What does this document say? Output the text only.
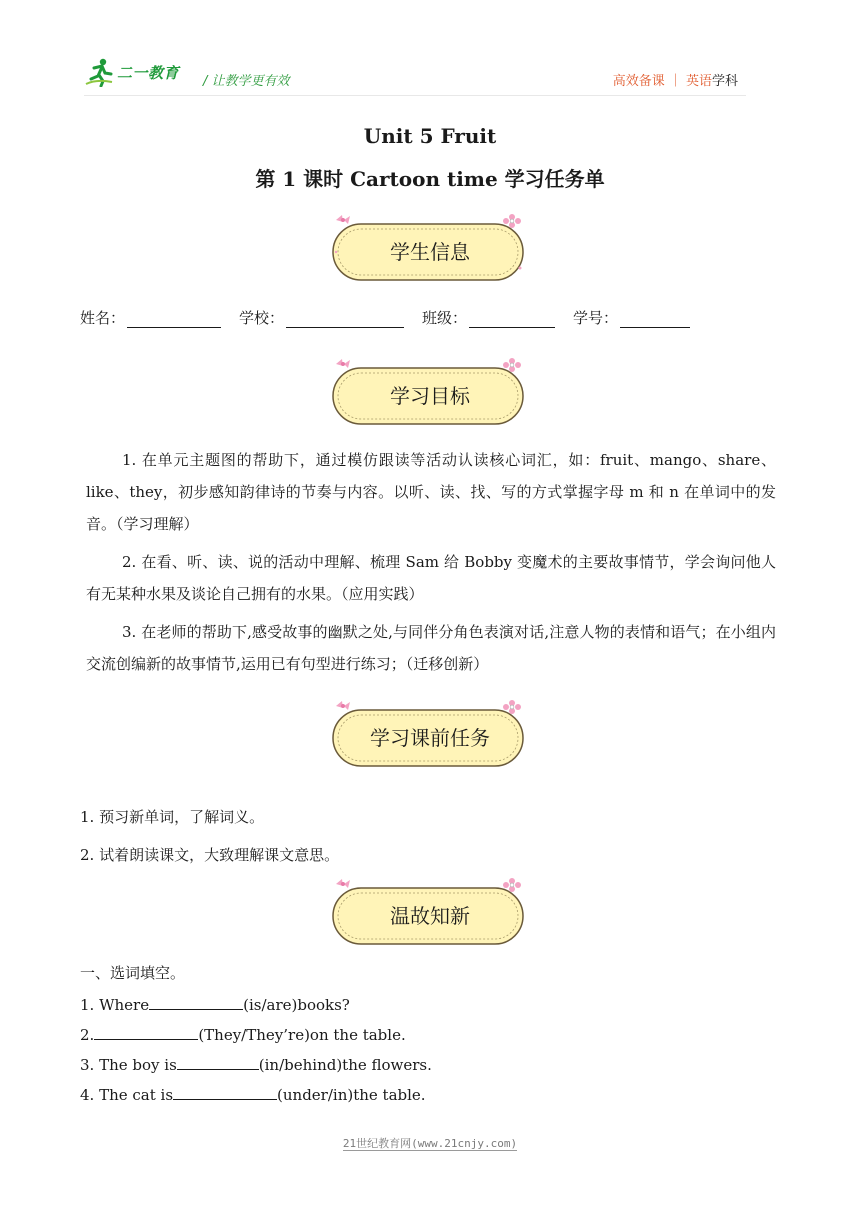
二一教育 / 让教学更有效	高效备课 ｜ 英语学科
Unit 5 Fruit
第 1 课时 Cartoon time 学习任务单
学生信息
姓名：	学校：	班级：	学号：
学习目标
1. 在单元主题图的帮助下，通过模仿跟读等活动认读核心词汇，如：fruit、mango、share、like、they，初步感知韵律诗的节奏与内容。以听、读、找、写的方式掌握字母 m 和 n 在单词中的发音。（学习理解）
2. 在看、听、读、说的活动中理解、梳理 Sam 给 Bobby 变魔术的主要故事情节，学会询问他人有无某种水果及谈论自己拥有的水果。（应用实践）
3. 在老师的帮助下,感受故事的幽默之处,与同伴分角色表演对话,注意人物的表情和语气；在小组内交流创编新的故事情节,运用已有句型进行练习；（迁移创新）
学习课前任务
1. 预习新单词，了解词义。
2. 试着朗读课文，大致理解课文意思。
温故知新
一、选词填空。
1. Where	(is/are)books?
2.	(They/They’re)on the table.
3. The boy is	(in/behind)the flowers.
4. The cat is	(under/in)the table.
21世纪教育网(www.21cnjy.com)
